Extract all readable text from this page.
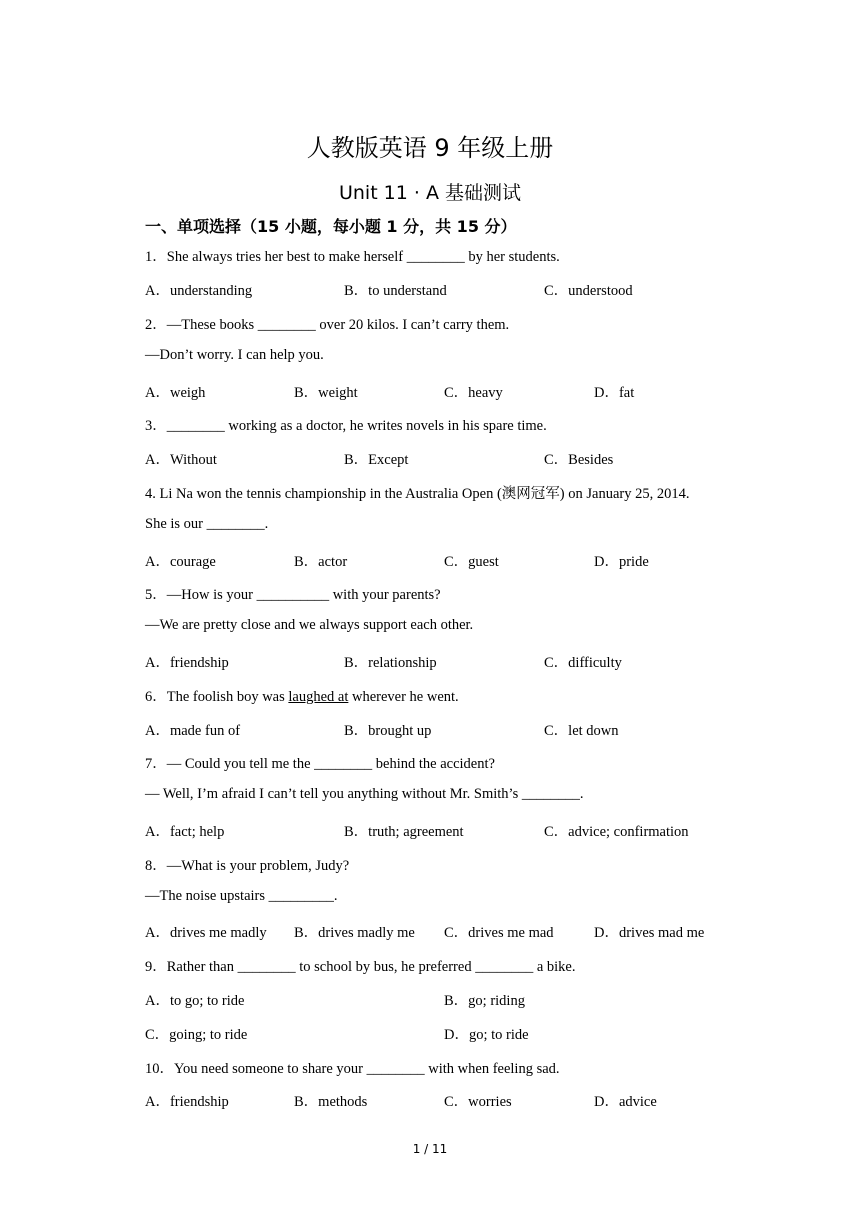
人教版英语 9 年级上册
Unit 11 · A 基础测试
一、单项选择（15 小题，每小题 1 分，共 15 分）
1．She always tries her best to make herself ________ by her students.
A．understanding	B．to understand	C．understood
2．—These books ________ over 20 kilos. I can’t carry them.
—Don’t worry. I can help you.
A．weigh	B．weight	C．heavy	D．fat
3．________ working as a doctor, he writes novels in his spare time.
A．Without	B．Except	C．Besides
4. Li Na won the tennis championship in the Australia Open (澳网冠军) on January 25, 2014.
She is our ________.
A．courage	B．actor	C．guest	D．pride
5．—How is your __________ with your parents?
—We are pretty close and we always support each other.
A．friendship	B．relationship	C．difficulty
6．The foolish boy was laughed at wherever he went.
A．made fun of	B．brought up	C．let down
7．— Could you tell me the ________ behind the accident?
— Well, I’m afraid I can’t tell you anything without Mr. Smith’s ________.
A．fact; help	B．truth; agreement	C．advice; confirmation
8．—What is your problem, Judy?
—The noise upstairs _________.
A．drives me madly B．drives madly me C．drives me mad	D．drives mad me
9．Rather than ________ to school by bus, he preferred ________ a bike.
A．to go; to ride	B．go; riding
C．going; to ride	D．go; to ride
10．You need someone to share your ________ with when feeling sad.
A．friendship	B．methods	C．worries	D．advice
1 / 11
